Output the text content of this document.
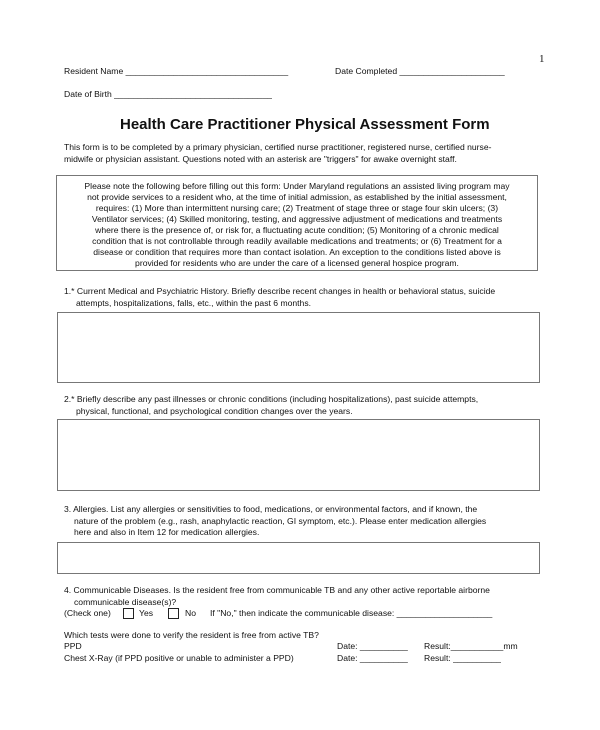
1
Resident Name __________________________________	Date Completed ______________________
Date of Birth _________________________________
Health Care Practitioner Physical Assessment Form
This form is to be completed by a primary physician, certified nurse practitioner, registered nurse, certified nurse-
midwife or physician assistant. Questions noted with an asterisk are "triggers" for awake overnight staff.
Please note the following before filling out this form: Under Maryland regulations an assisted living program may
not provide services to a resident who, at the time of initial admission, as established by the initial assessment,
requires: (1) More than intermittent nursing care; (2) Treatment of stage three or stage four skin ulcers; (3)
Ventilator services; (4) Skilled monitoring, testing, and aggressive adjustment of medications and treatments
where there is the presence of, or risk for, a fluctuating acute condition; (5) Monitoring of a chronic medical
condition that is not controllable through readily available medications and treatments; or (6) Treatment for a
disease or condition that requires more than contact isolation. An exception to the conditions listed above is
provided for residents who are under the care of a licensed general hospice program.
1.* Current Medical and Psychiatric History. Briefly describe recent changes in health or behavioral status, suicide
attempts, hospitalizations, falls, etc., within the past 6 months.
2.* Briefly describe any past illnesses or chronic conditions (including hospitalizations), past suicide attempts,
physical, functional, and psychological condition changes over the years.
3. Allergies. List any allergies or sensitivities to food, medications, or environmental factors, and if known, the
nature of the problem (e.g., rash, anaphylactic reaction, GI symptom, etc.). Please enter medication allergies
here and also in Item 12 for medication allergies.
4. Communicable Diseases. Is the resident free from communicable TB and any other active reportable airborne
communicable disease(s)?
(Check one)	Yes	No If "No," then indicate the communicable disease: ____________________
Which tests were done to verify the resident is free from active TB?
PPD	Date: __________ Result:___________mm
Chest X-Ray (if PPD positive or unable to administer a PPD)	Date: __________ Result: __________
